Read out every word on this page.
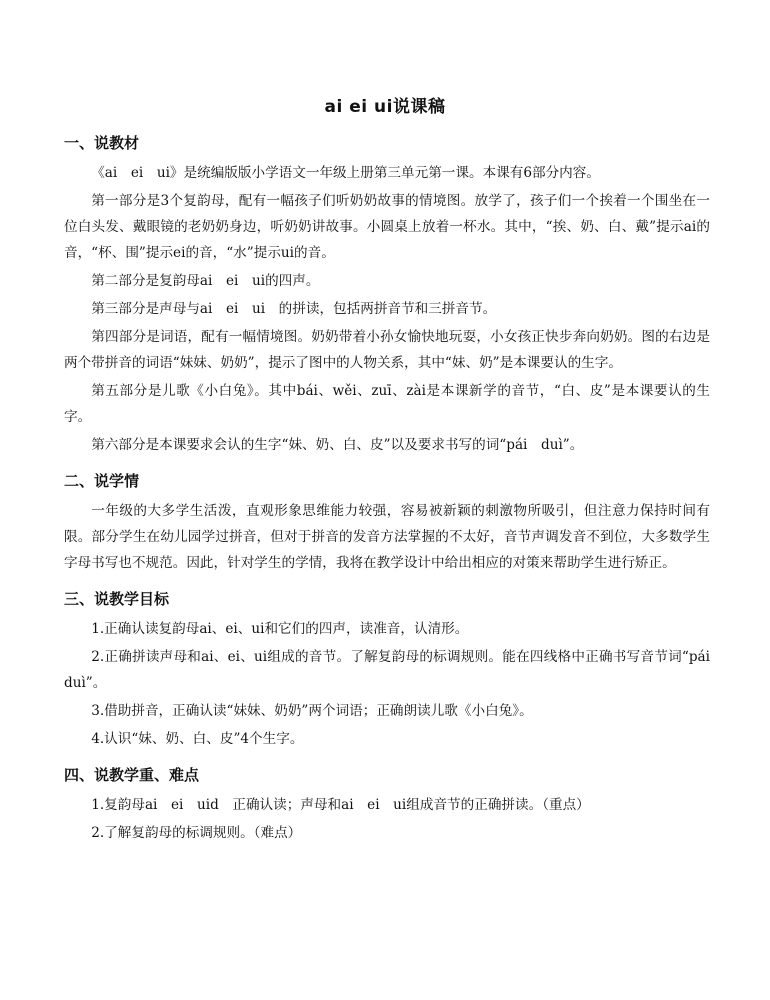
ai ei ui说课稿
一、说教材

《ai　ei　ui》是统编版版小学语文一年级上册第三单元第一课。本课有6部分内容。

第一部分是3个复韵母，配有一幅孩子们听奶奶故事的情境图。放学了，孩子们一个挨着一个围坐在一位白头发、戴眼镜的老奶奶身边，听奶奶讲故事。小圆桌上放着一杯水。其中，“挨、奶、白、戴”提示ai的音，“杯、围”提示ei的音，“水”提示ui的音。

第二部分是复韵母ai　ei　ui的四声。

第三部分是声母与ai　ei　ui　的拼读，包括两拼音节和三拼音节。

第四部分是词语，配有一幅情境图。奶奶带着小孙女愉快地玩耍，小女孩正快步奔向奶奶。图的右边是两个带拼音的词语“妹妹、奶奶”，提示了图中的人物关系，其中“妹、奶”是本课要认的生字。

第五部分是儿歌《小白兔》。其中bái、wěi、zuī、zài是本课新学的音节，“白、皮”是本课要认的生字。

第六部分是本课要求会认的生字“妹、奶、白、皮”以及要求书写的词“pái　duì”。

二、说学情

一年级的大多学生活泼，直观形象思维能力较强，容易被新颖的刺激物所吸引，但注意力保持时间有限。部分学生在幼儿园学过拼音，但对于拼音的发音方法掌握的不太好，音节声调发音不到位，大多数学生字母书写也不规范。因此，针对学生的学情，我将在教学设计中给出相应的对策来帮助学生进行矫正。

三、说教学目标

1.正确认读复韵母ai、ei、ui和它们的四声，读准音，认清形。

2.正确拼读声母和ai、ei、ui组成的音节。了解复韵母的标调规则。能在四线格中正确书写音节词“pái　duì”。

3.借助拼音，正确认读“妹妹、奶奶”两个词语；正确朗读儿歌《小白兔》。

4.认识“妹、奶、白、皮”4个生字。

四、说教学重、难点

1.复韵母ai　ei　uid　正确认读；声母和ai　ei　ui组成音节的正确拼读。（重点）

2.了解复韵母的标调规则。（难点）
